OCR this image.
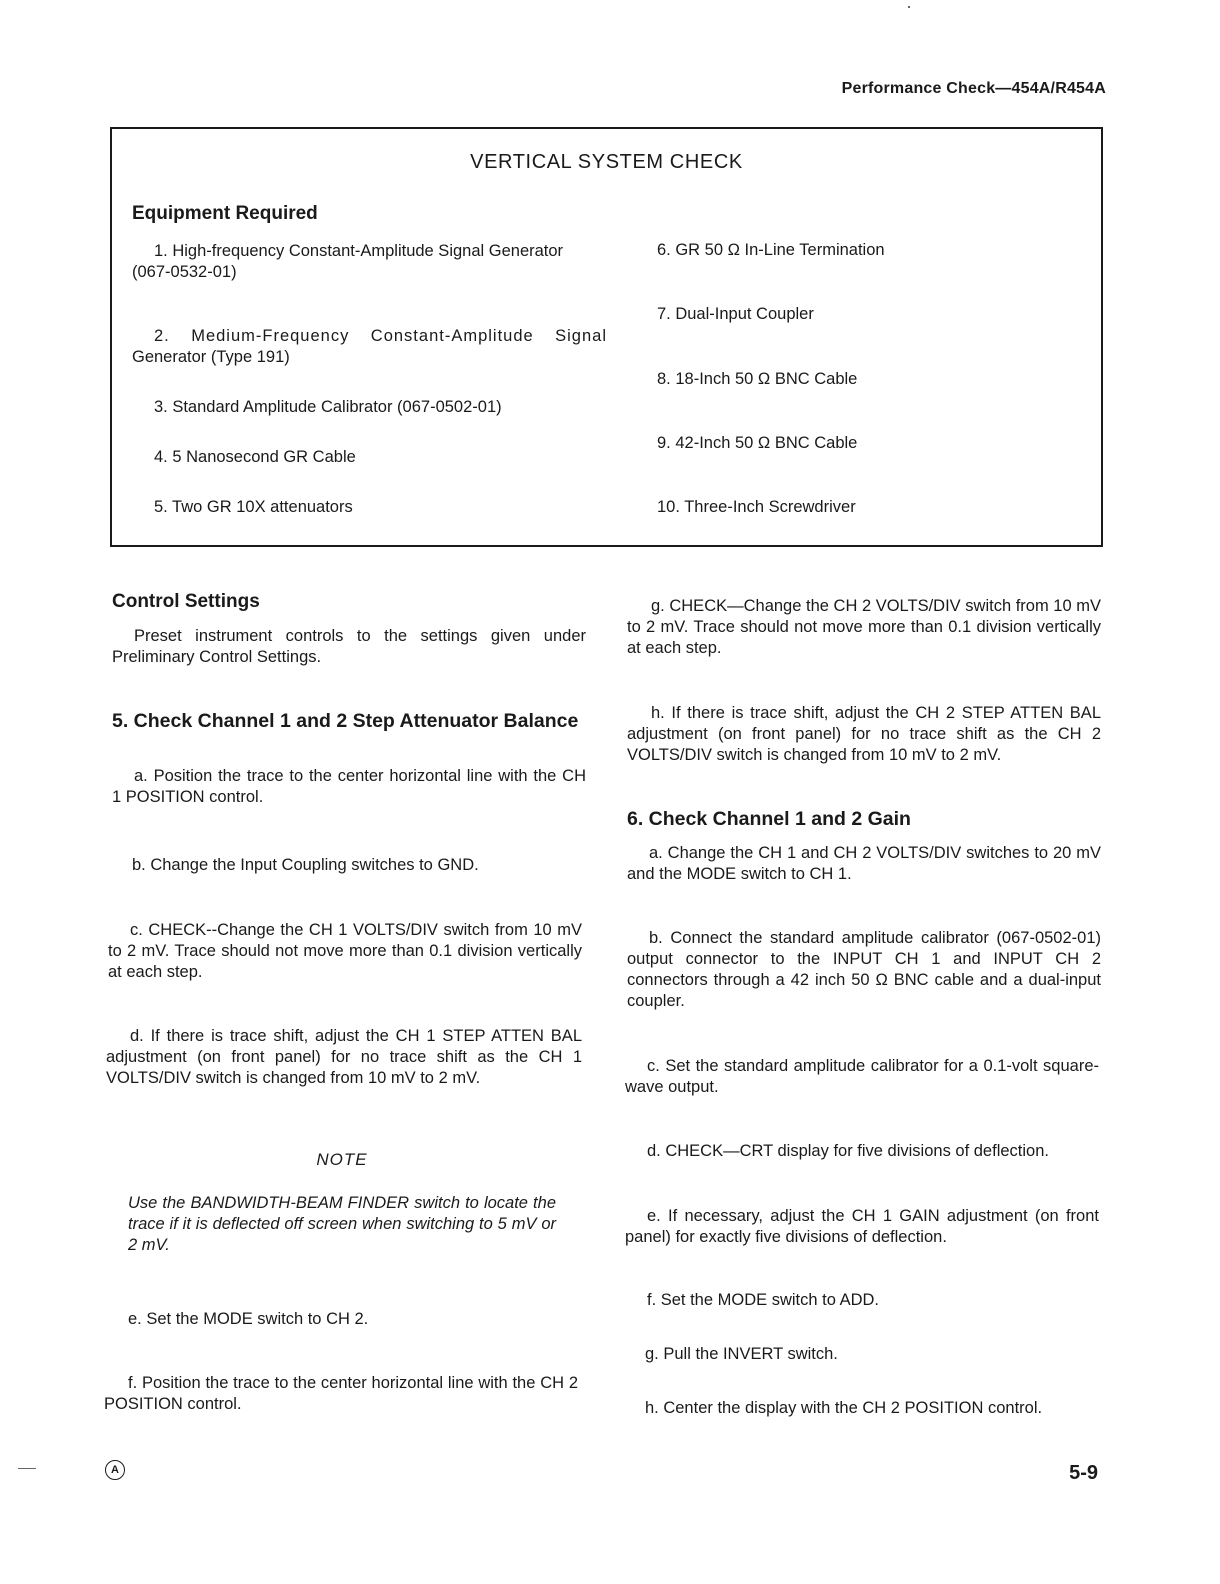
Performance Check—454A/R454A
VERTICAL SYSTEM CHECK
Equipment Required
1. High-frequency Constant-Amplitude Signal Generator
(067-0532-01)
2. Medium-Frequency Constant-Amplitude Signal
Generator (Type 191)
3. Standard Amplitude Calibrator (067-0502-01)
4. 5 Nanosecond GR Cable
5. Two GR 10X attenuators
6. GR 50 Ω In-Line Termination
7. Dual-Input Coupler
8. 18-Inch 50 Ω BNC Cable
9. 42-Inch 50 Ω BNC Cable
10. Three-Inch Screwdriver
Control Settings
Preset instrument controls to the settings given under Preliminary Control Settings.
5. Check Channel 1 and 2 Step Attenuator Balance
a. Position the trace to the center horizontal line with the CH 1 POSITION control.
b. Change the Input Coupling switches to GND.
c. CHECK--Change the CH 1 VOLTS/DIV switch from 10 mV to 2 mV. Trace should not move more than 0.1 division vertically at each step.
d. If there is trace shift, adjust the CH 1 STEP ATTEN BAL adjustment (on front panel) for no trace shift as the CH 1 VOLTS/DIV switch is changed from 10 mV to 2 mV.
NOTE
Use the BANDWIDTH-BEAM FINDER switch to locate the trace if it is deflected off screen when switching to 5 mV or 2 mV.
e. Set the MODE switch to CH 2.
f. Position the trace to the center horizontal line with the CH 2 POSITION control.
g. CHECK—Change the CH 2 VOLTS/DIV switch from 10 mV to 2 mV. Trace should not move more than 0.1 division vertically at each step.
h. If there is trace shift, adjust the CH 2 STEP ATTEN BAL adjustment (on front panel) for no trace shift as the CH 2 VOLTS/DIV switch is changed from 10 mV to 2 mV.
6. Check Channel 1 and 2 Gain
a. Change the CH 1 and CH 2 VOLTS/DIV switches to 20 mV and the MODE switch to CH 1.
b. Connect the standard amplitude calibrator (067-0502-01) output connector to the INPUT CH 1 and INPUT CH 2 connectors through a 42 inch 50 Ω BNC cable and a dual-input coupler.
c. Set the standard amplitude calibrator for a 0.1-volt square-wave output.
d. CHECK—CRT display for five divisions of deflection.
e. If necessary, adjust the CH 1 GAIN adjustment (on front panel) for exactly five divisions of deflection.
f. Set the MODE switch to ADD.
g. Pull the INVERT switch.
h. Center the display with the CH 2 POSITION control.
A	5-9
